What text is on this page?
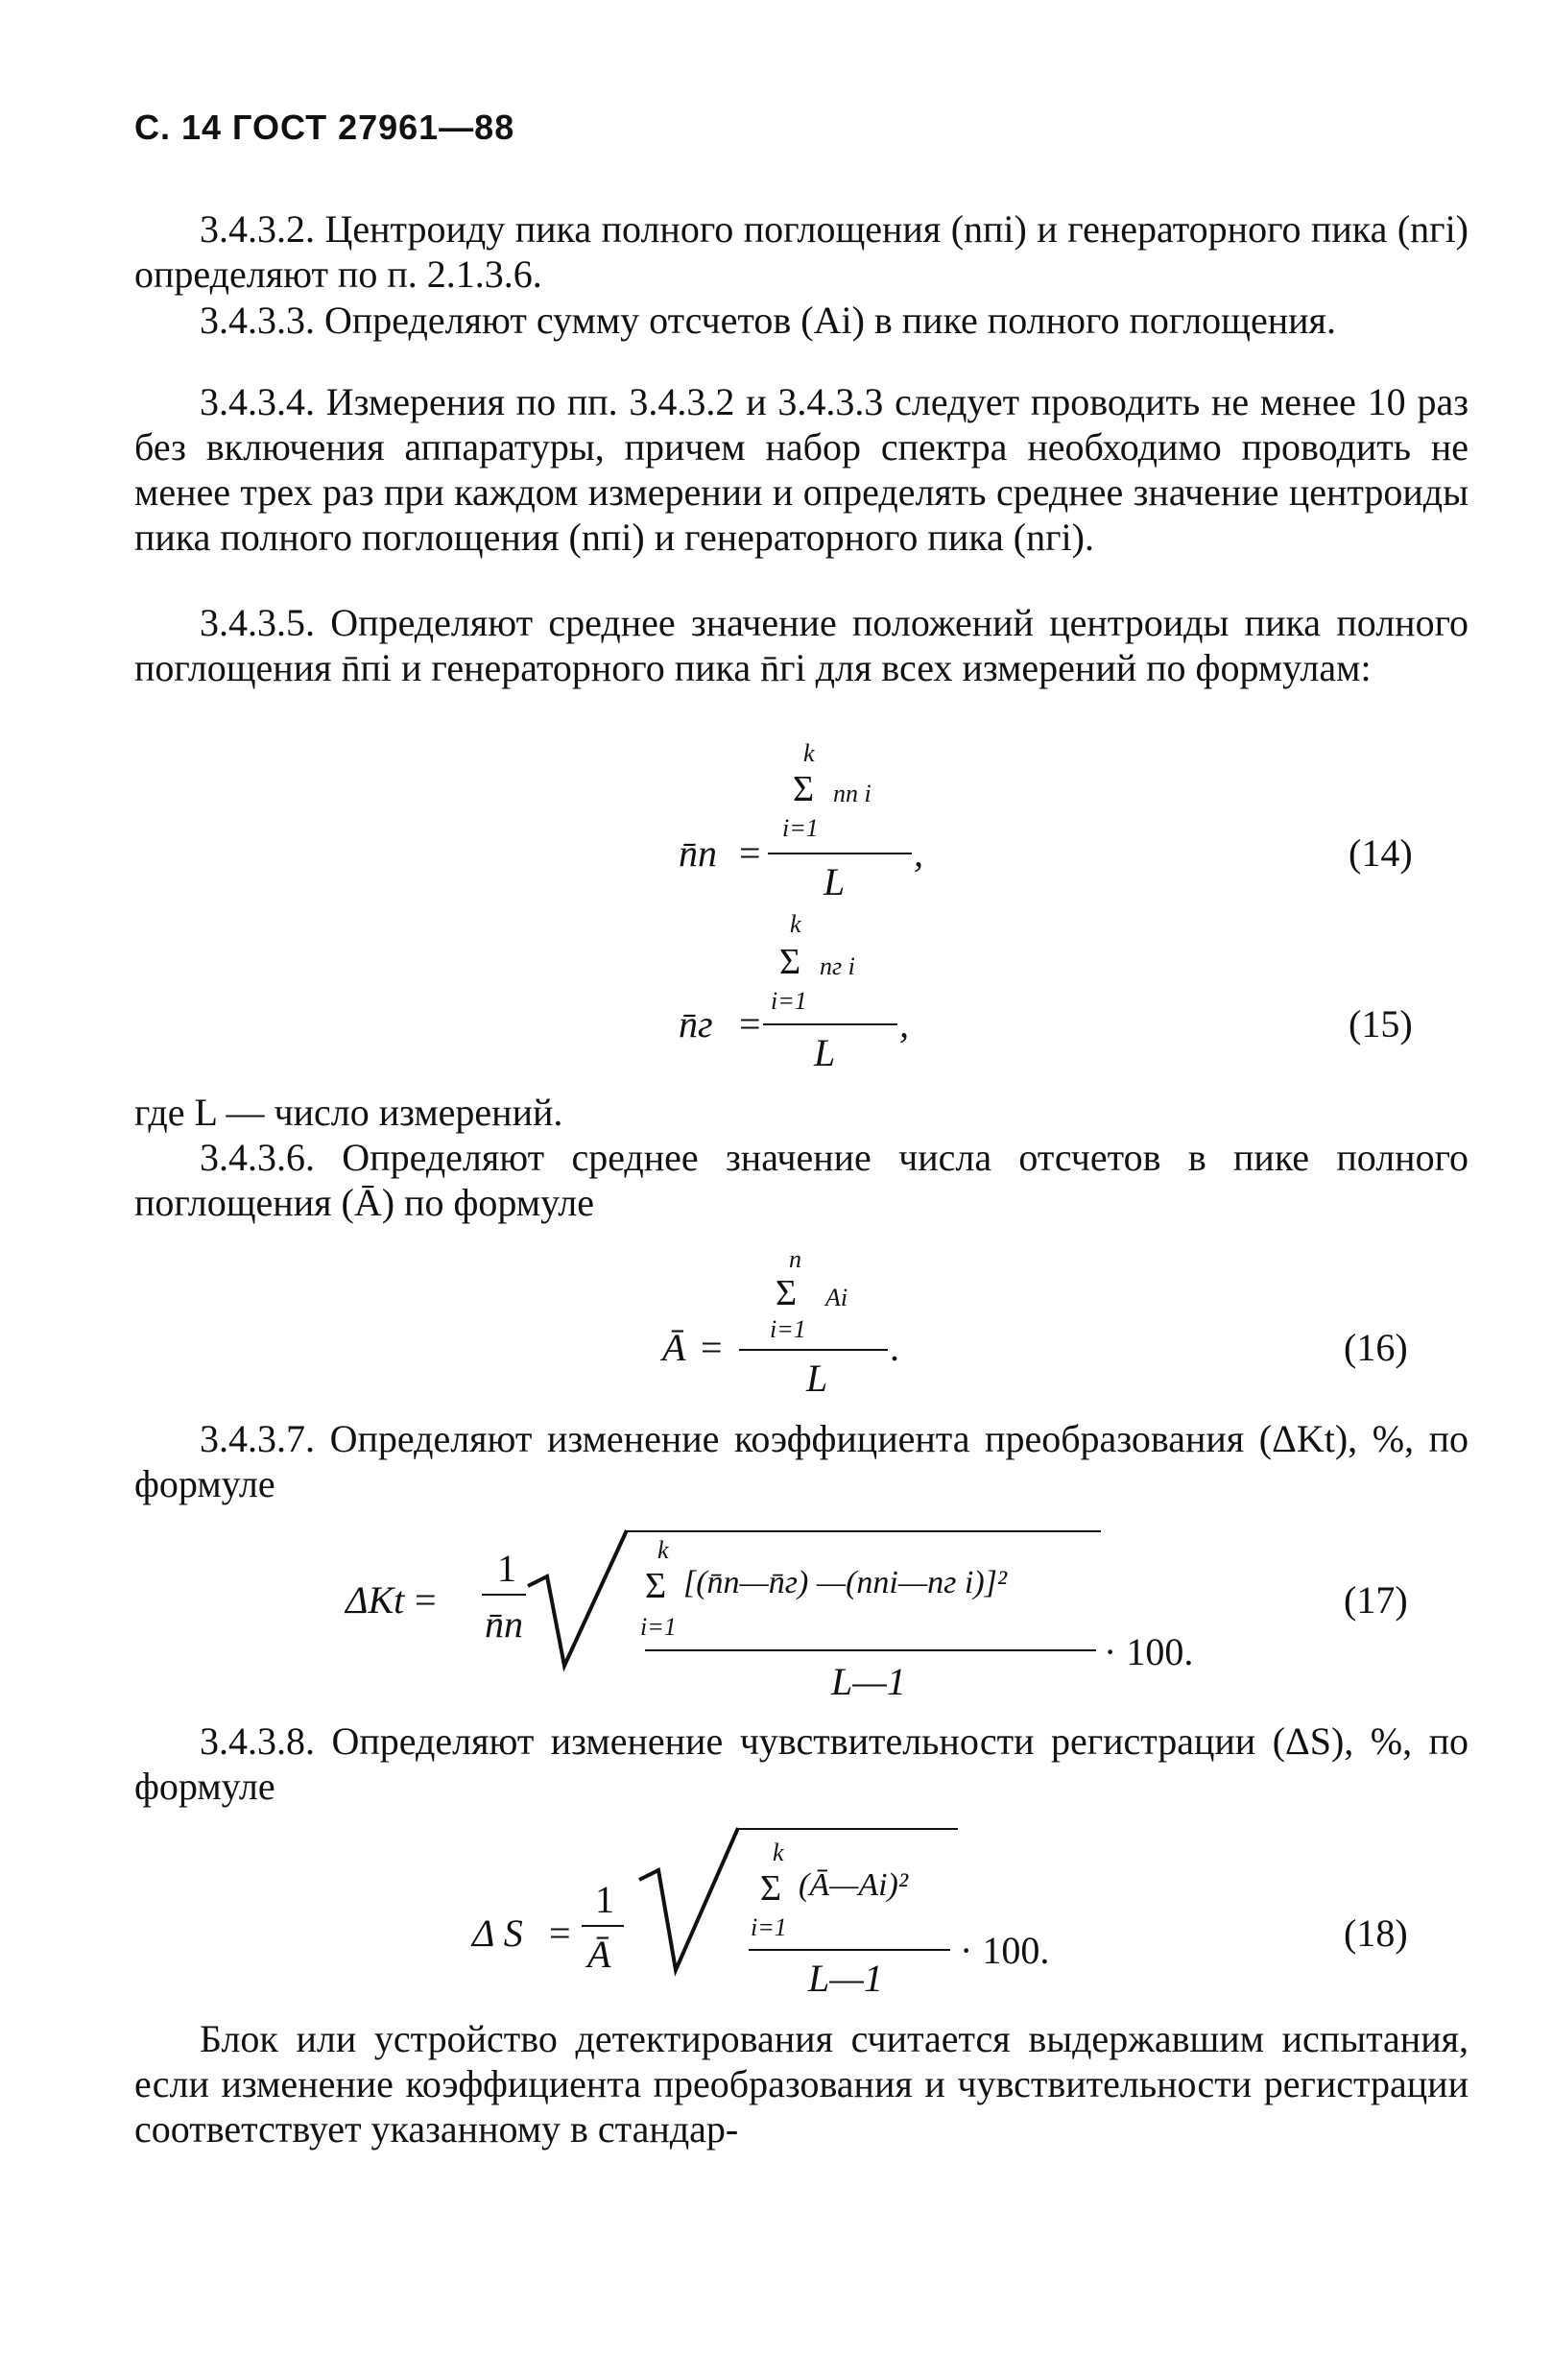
С. 14 ГОСТ 27961—88
3.4.3.2. Центроиду пика полного поглощения (nпi) и генераторного пика (nгi) определяют по п. 2.1.3.6.
3.4.3.3. Определяют сумму отсчетов (Ai) в пике полного поглощения.
3.4.3.4. Измерения по пп. 3.4.3.2 и 3.4.3.3 следует проводить не менее 10 раз без включения аппаратуры, причем набор спектра необходимо проводить не менее трех раз при каждом измерении и определять среднее значение центроиды пика полного поглощения (nпi) и генераторного пика (nгi).
3.4.3.5. Определяют среднее значение положений центроиды пика полного поглощения n̄пi и генераторного пика n̄гi для всех измерений по формулам:
n̄п =
k
Σ nп i
i=1
L
,	(14)
n̄г =
k
Σ nг i
i=1
L
,	(15)
где L — число измерений.
3.4.3.6. Определяют среднее значение числа отсчетов в пике полного поглощения (Ā) по формуле
Ā =
n
Σ Ai
i=1
L
.	(16)
3.4.3.7. Определяют изменение коэффициента преобразования (ΔKt), %, по формуле
ΔKt =
1
n̄п
k
Σ [(n̄п—n̄г) —(nпi—nг i)]²
i=1
L—1
· 100.
(17)
3.4.3.8. Определяют изменение чувствительности регистрации (ΔS), %, по формуле
Δ S =
1
Ā
k
Σ (Ā—Ai)²
i=1
L—1
· 100.	(18)
Блок или устройство детектирования считается выдержавшим испытания, если изменение коэффициента преобразования и чувствительности регистрации соответствует указанному в стандар-
